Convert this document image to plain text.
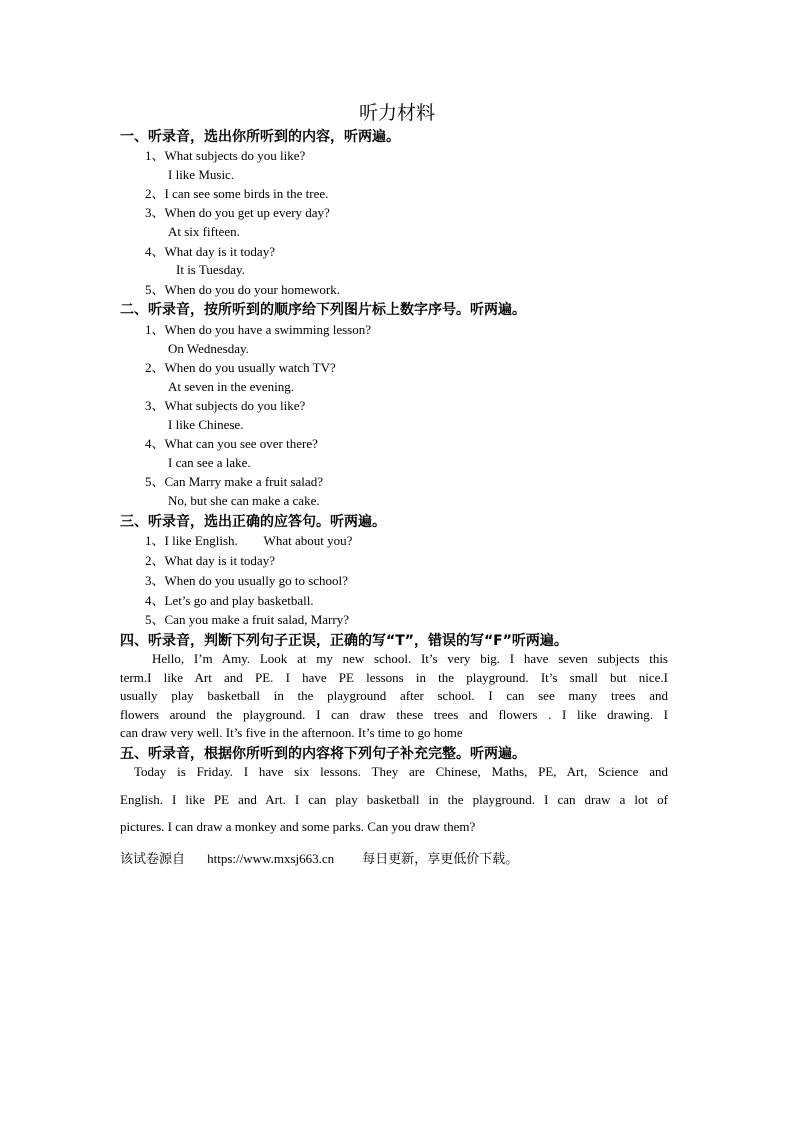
听力材料
一、听录音，选出你所听到的内容，听两遍。
1、What subjects do you like?
I like Music.
2、I can see some birds in the tree.
3、When do you get up every day?
At six fifteen.
4、What day is it today?
It is Tuesday.
5、When do you do your homework.
二、听录音，按所听到的顺序给下列图片标上数字序号。听两遍。
1、When do you have a swimming lesson?
On Wednesday.
2、When do you usually watch TV?
At seven in the evening.
3、What subjects do you like?
I like Chinese.
4、What can you see over there?
I can see a lake.
5、Can Marry make a fruit salad?
No, but she can make a cake.
三、听录音，选出正确的应答句。听两遍。
1、I like English.        What about you?
2、What day is it today?
3、When do you usually go to school?
4、Let’s go and play basketball.
5、Can you make a fruit salad, Marry?
四、听录音，判断下列句子正误，正确的写“T”，错误的写“F”听两遍。

Hello, I’m Amy. Look at my new school. It’s very big. I have seven subjects this

term.I like Art and PE. I have PE lessons in the playground. It’s small but nice.I

usually play basketball in the playground after school. I can see many trees and

flowers around the playground. I can draw these trees and flowers . I like drawing. I

can draw very well. It’s five in the afternoon. It’s time to go home

五、听录音，根据你所听到的内容将下列句子补充完整。听两遍。

Today is Friday. I have six lessons. They are Chinese, Maths, PE, Art, Science and

English. I like PE and Art. I can play basketball in the playground. I can draw a lot of

pictures. I can draw a monkey and some parks. Can you draw them?

该试卷源自 https://www.mxsj663.cn 每日更新，享更低价下载。
